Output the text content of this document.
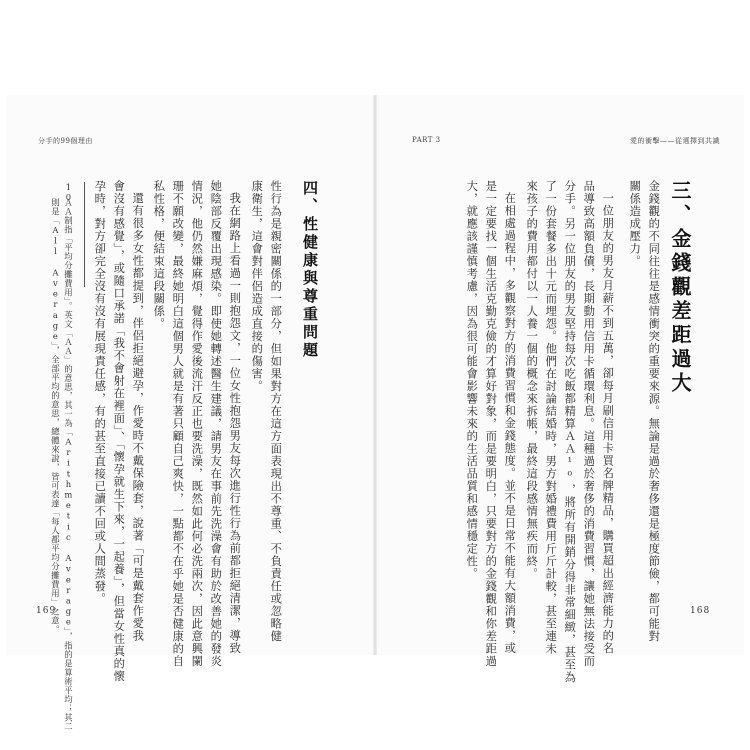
分手的99個理由
169
PART 3	愛的衝擊——從選擇到共識
168
三、金錢觀差距過大
金錢觀的不同往往是感情衝突的重要來源。無論是過於奢侈還是極度節儉，都可能對
關係造成壓力。
一位朋友的男友月薪不到五萬，卻每月刷信用卡買名牌精品，購買超出經濟能力的名
品導致高額負債，長期動用信用卡循環利息。這種過於奢侈的消費習慣，讓她無法接受而
分手。另一位朋友的男友堅持每次吃飯都精算ＡＡ¹⁰，將所有開銷分得非常細緻，甚至為
了一份套餐多出十元而埋怨。他們在討論結婚時，男方對婚禮費用斤斤計較，甚至連未
來孩子的費用都付以一人養一個的概念來拆帳，最終這段感情無疾而終。
在相處過程中，多觀察對方的消費習慣和金錢態度。並不是日常不能有大額消費，或
是一定要找一個生活克勤克儉的才算好對象，而是要明白，只要對方的金錢觀和你差距過
大，就應該謹慎考慮，因為很可能會影響未來的生活品質和感情穩定性。
四、性健康與尊重問題
性行為是親密關係的一部分，但如果對方在這方面表現出不尊重、不負責任或忽略健
康衛生，這會對伴侶造成直接的傷害。
我在網路上看過一則抱怨文，一位女性抱怨男友每次進行性行為前都拒絕清潔，導致
她陰部反覆出現感染。即使她轉述醫生建議，請男友在事前先洗澡會有助於改善她的發炎
情況，他仍然嫌麻煩，覺得作愛後流汗反正也要洗澡，既然如此何必洗兩次，因此意興闌
珊不願改變，最終她明白這個男人就是有著只顧自己爽快，一點都不在乎她是否健康的自
私性格，便結束這段關係。
還有很多女性都提到，伴侶拒絕避孕，作愛時不戴保險套，說著「可是戴套作愛我
會沒有感覺」，或隨口承諾「我不會射在裡面」、「懷孕就生下來，一起養」，但當女性真的懷
孕時，對方卻完全沒有沒有展現責任感，有的甚至直接已讀不回或人間蒸發。
10
ＡＡ制指「平均分攤費用」。英文「ＡＡ」的意思，其一為「Arithmetic Average」，指的是算術平均；其二
則是「All Average」，全部平均的意思，總體來說，皆可表達「每人都平均分攤費用」之意。
